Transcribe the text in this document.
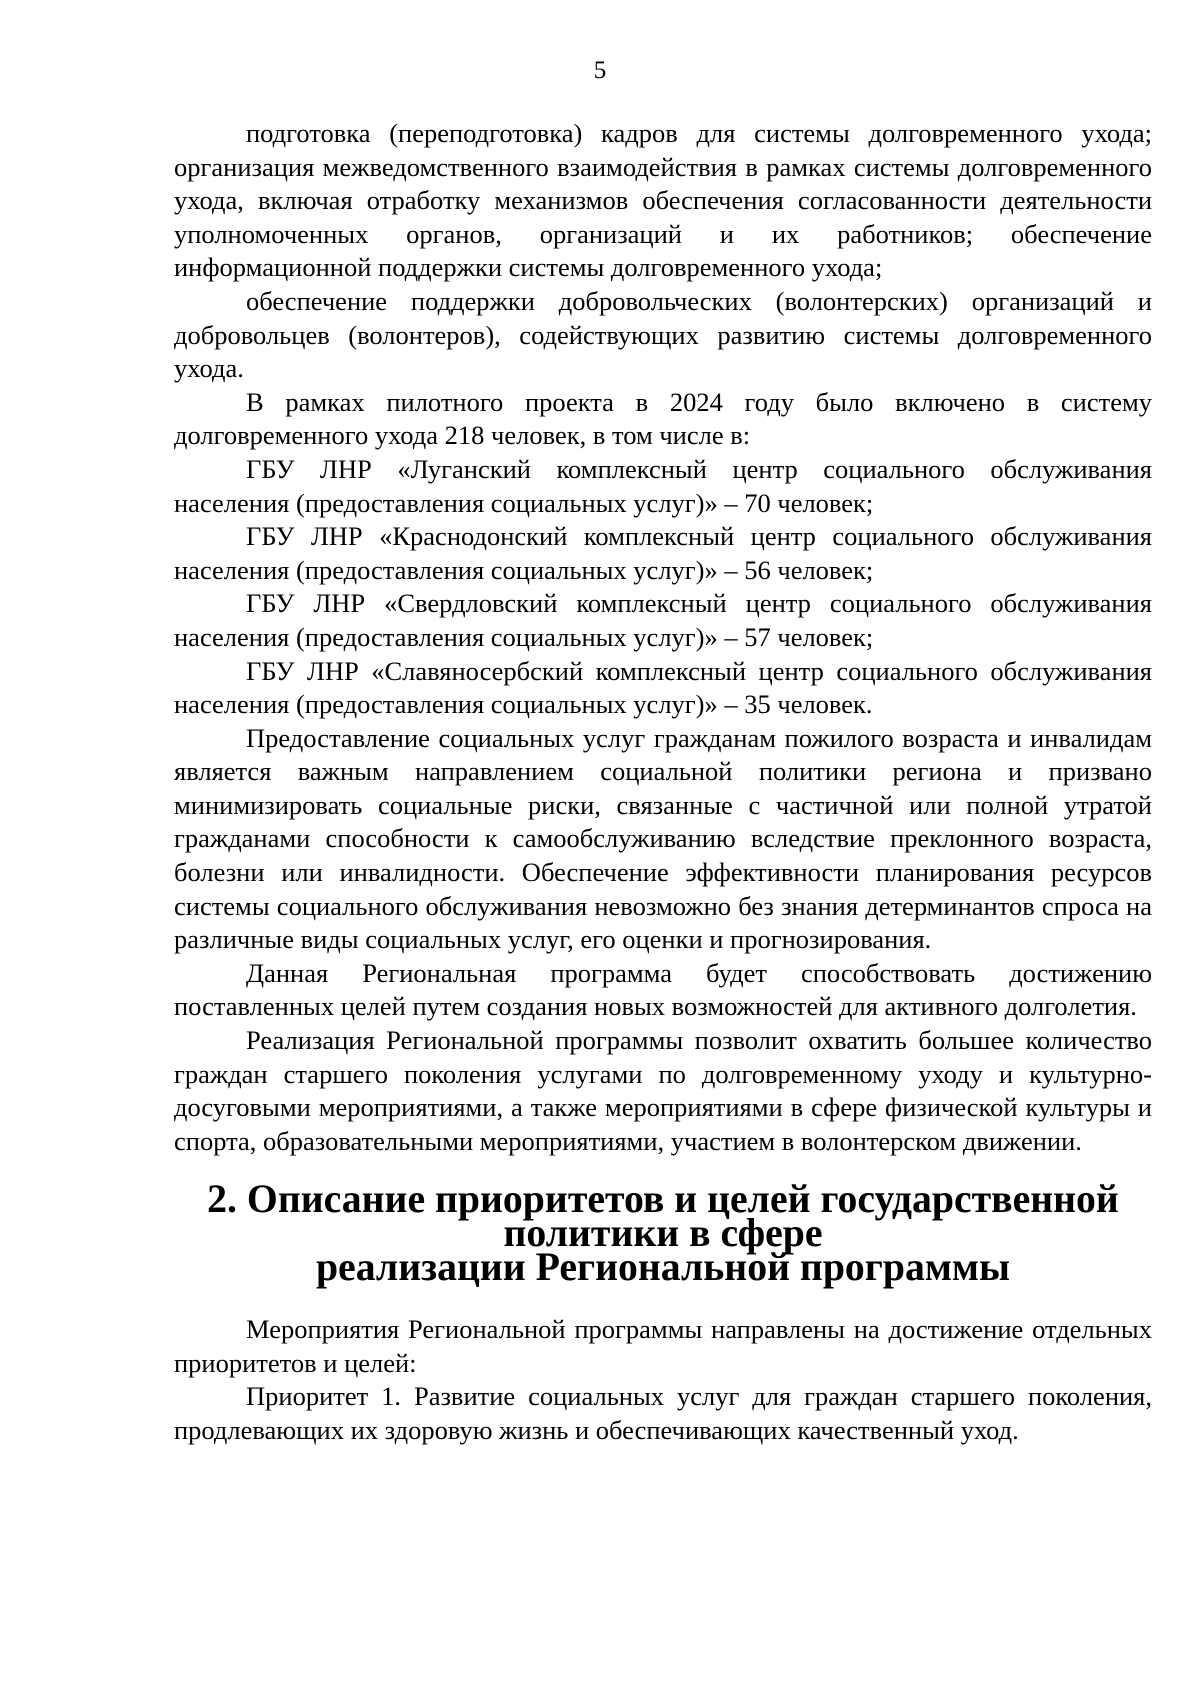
5

подготовка (переподготовка) кадров для системы долговременного ухода; организация межведомственного взаимодействия в рамках системы долговременного ухода, включая отработку механизмов обеспечения согласованности деятельности уполномоченных органов, организаций и их работников; обеспечение информационной поддержки системы долговременного ухода;

обеспечение поддержки добровольческих (волонтерских) организаций и добровольцев (волонтеров), содействующих развитию системы долговременного ухода.

В рамках пилотного проекта в 2024 году было включено в систему долговременного ухода 218 человек, в том числе в:

ГБУ ЛНР «Луганский комплексный центр социального обслуживания населения (предоставления социальных услуг)» – 70 человек;

ГБУ ЛНР «Краснодонский комплексный центр социального обслуживания населения (предоставления социальных услуг)» – 56 человек;

ГБУ ЛНР «Свердловский комплексный центр социального обслуживания населения (предоставления социальных услуг)» – 57 человек;

ГБУ ЛНР «Славяносербский комплексный центр социального обслуживания населения (предоставления социальных услуг)» – 35 человек.

Предоставление социальных услуг гражданам пожилого возраста и инвалидам является важным направлением социальной политики региона и призвано минимизировать социальные риски, связанные с частичной или полной утратой гражданами способности к самообслуживанию вследствие преклонного возраста, болезни или инвалидности. Обеспечение эффективности планирования ресурсов системы социального обслуживания невозможно без знания детерминантов спроса на различные виды социальных услуг, его оценки и прогнозирования.

Данная Региональная программа будет способствовать достижению поставленных целей путем создания новых возможностей для активного долголетия.

Реализация Региональной программы позволит охватить большее количество граждан старшего поколения услугами по долговременному уходу и культурно-досуговыми мероприятиями, а также мероприятиями в сфере физической культуры и спорта, образовательными мероприятиями, участием в волонтерском движении.

2. Описание приоритетов и целей государственной политики в сфере
реализации Региональной программы

Мероприятия Региональной программы направлены на достижение отдельных приоритетов и целей:

Приоритет 1. Развитие социальных услуг для граждан старшего поколения, продлевающих их здоровую жизнь и обеспечивающих качественный уход.
